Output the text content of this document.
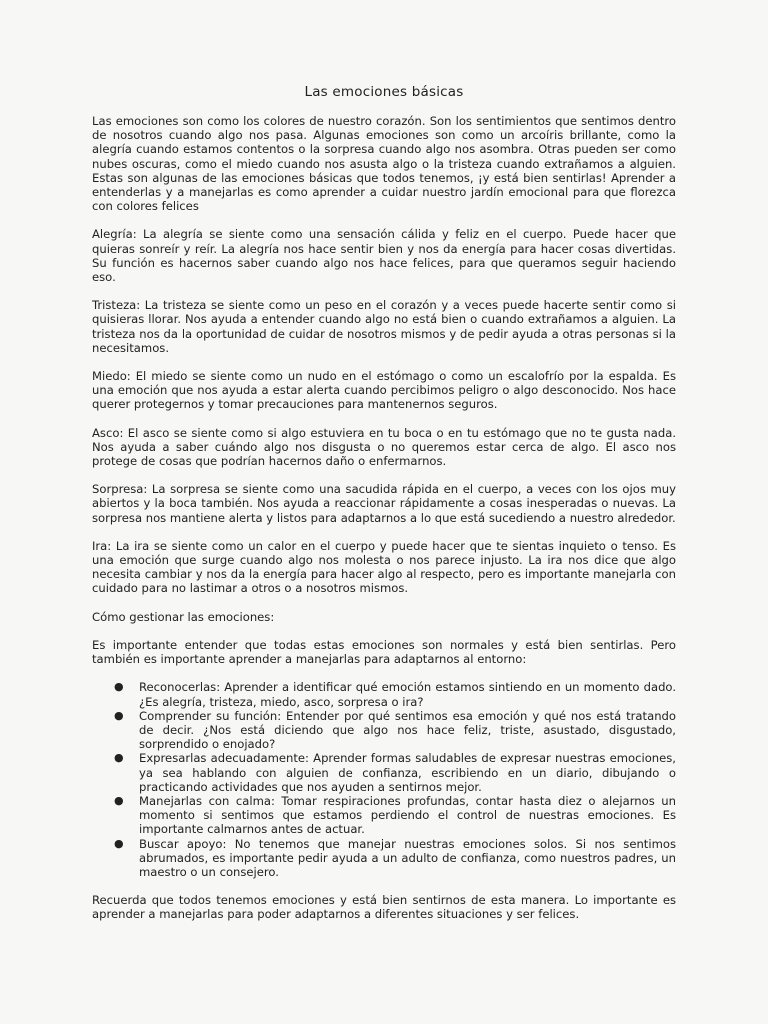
Las emociones básicas

Las emociones son como los colores de nuestro corazón. Son los sentimientos que sentimos dentro de nosotros cuando algo nos pasa. Algunas emociones son como un arcoíris brillante, como la alegría cuando estamos contentos o la sorpresa cuando algo nos asombra. Otras pueden ser como nubes oscuras, como el miedo cuando nos asusta algo o la tristeza cuando extrañamos a alguien. Estas son algunas de las emociones básicas que todos tenemos, ¡y está bien sentirlas! Aprender a entenderlas y a manejarlas es como aprender a cuidar nuestro jardín emocional para que florezca con colores felices

Alegría: La alegría se siente como una sensación cálida y feliz en el cuerpo. Puede hacer que quieras sonreír y reír. La alegría nos hace sentir bien y nos da energía para hacer cosas divertidas. Su función es hacernos saber cuando algo nos hace felices, para que queramos seguir haciendo eso.

Tristeza: La tristeza se siente como un peso en el corazón y a veces puede hacerte sentir como si quisieras llorar. Nos ayuda a entender cuando algo no está bien o cuando extrañamos a alguien. La tristeza nos da la oportunidad de cuidar de nosotros mismos y de pedir ayuda a otras personas si la necesitamos.

Miedo: El miedo se siente como un nudo en el estómago o como un escalofrío por la espalda. Es una emoción que nos ayuda a estar alerta cuando percibimos peligro o algo desconocido. Nos hace querer protegernos y tomar precauciones para mantenernos seguros.

Asco: El asco se siente como si algo estuviera en tu boca o en tu estómago que no te gusta nada. Nos ayuda a saber cuándo algo nos disgusta o no queremos estar cerca de algo. El asco nos protege de cosas que podrían hacernos daño o enfermarnos.

Sorpresa: La sorpresa se siente como una sacudida rápida en el cuerpo, a veces con los ojos muy abiertos y la boca también. Nos ayuda a reaccionar rápidamente a cosas inesperadas o nuevas. La sorpresa nos mantiene alerta y listos para adaptarnos a lo que está sucediendo a nuestro alrededor.

Ira: La ira se siente como un calor en el cuerpo y puede hacer que te sientas inquieto o tenso. Es una emoción que surge cuando algo nos molesta o nos parece injusto. La ira nos dice que algo necesita cambiar y nos da la energía para hacer algo al respecto, pero es importante manejarla con cuidado para no lastimar a otros o a nosotros mismos.

Cómo gestionar las emociones:

Es importante entender que todas estas emociones son normales y está bien sentirlas. Pero también es importante aprender a manejarlas para adaptarnos al entorno:

● Reconocerlas: Aprender a identificar qué emoción estamos sintiendo en un momento dado. ¿Es alegría, tristeza, miedo, asco, sorpresa o ira?
● Comprender su función: Entender por qué sentimos esa emoción y qué nos está tratando de decir. ¿Nos está diciendo que algo nos hace feliz, triste, asustado, disgustado, sorprendido o enojado?
● Expresarlas adecuadamente: Aprender formas saludables de expresar nuestras emociones, ya sea hablando con alguien de confianza, escribiendo en un diario, dibujando o practicando actividades que nos ayuden a sentirnos mejor.
● Manejarlas con calma: Tomar respiraciones profundas, contar hasta diez o alejarnos un momento si sentimos que estamos perdiendo el control de nuestras emociones. Es importante calmarnos antes de actuar.
● Buscar apoyo: No tenemos que manejar nuestras emociones solos. Si nos sentimos abrumados, es importante pedir ayuda a un adulto de confianza, como nuestros padres, un maestro o un consejero.

Recuerda que todos tenemos emociones y está bien sentirnos de esta manera. Lo importante es aprender a manejarlas para poder adaptarnos a diferentes situaciones y ser felices.
